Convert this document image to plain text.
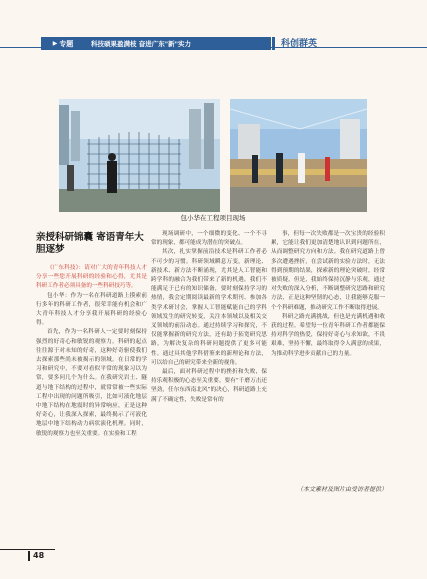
▶ 专题	科技硕果盈满枝 奋进广东"新"实力	科创群英
包小华在工程项目现场
亲授科研锦囊 寄语青年大胆逐梦

《广东科技》：请对广大的青年科技人才分享一些您开展科研的经验和心得，尤其是科研工作者必须具备的一些科研技巧等。

包小华：作为一名在科研道路上摸索前行多年的科研工作者，很荣幸能有机会和广大青年科技人才分享我开展科研的经验心得。

首先，作为一名科研人一定要时刻保持强烈的好奇心和敏锐的观察力。科研的起点往往源于对未知的好奇，这种好奇驱使我们去探索那些尚未被揭示的领域。在日常的学习和研究中，不要对看似平常的现象习以为常，要多问几个为什么。在我研究岩土、隧道与地下结构的过程中，就常常被一些实际工程中出现的问题所吸引，比如可液化地层中地下结构在地震时的异常响应，正是这种好奇心，让我深入探索，最终揭示了可液化地层中地下结构动力病状演化机理。同时，敏锐的观察力也至关重要。在实验和工程

现场调研中，一个细微的变化、一个不寻常的现象，都可能成为潜在的突破点。

其次，扎实掌握前沿技术是科研工作者必不可少的习惯。科研领域瞬息万变，新理论、新技术、新方法不断涌现，尤其是人工智能和跨学科的融合为我们带来了新的机遇。我们不能满足于已有的知识储备，要时刻保持学习的热情，我会定期阅读最新的学术期刊、参加各类学术研讨会，掌握人工智能赋能自己的学科领域发生的研究转变，关注本领域以及相关交叉领域的前沿动态。通过持续学习和探究，不仅能掌握新的研究方法，还有助于拓宽研究思路，为解决复杂的科研问题提供了更多可能性。通过具其他学科借鉴来的新理论和方法，可以给自己的研究带来全新的视角。

最后，面对科研过程中的挫折和失败，保持乐观积极的心态至关重要。要有“千磨万击还坚劲，任尔东西南北风”的决心，科研道路上充满了不确定性，失败是常有的

事，但每一次失败都是一次宝贵的经验积累，它能让我们更加清楚地认识到问题所在，从而调整研究方向和方法。我在研究道路上曾多次遭遇挫折，在尝试新的实验方法时，无法得到预期的结果，探索新的理论突破时，经常被质疑，但是，我始终保持沉静与乐观，通过对失败的深入分析，不断调整研究思路和研究方法，正是这种坚韧的心态，让我能够克服一个个科研难题，推动研究工作不断取得进展。

科研之路充满挑战，但也是充满机遇和收获的过程。希望每一位青年科研工作者都能保持对科学的热爱，保持好奇心与求知欲，不畏艰难，坚持不懈，最终取得令人满意的成果，为推动科学进步贡献自己的力量。

（本文素材及图片由受访者提供）
48
